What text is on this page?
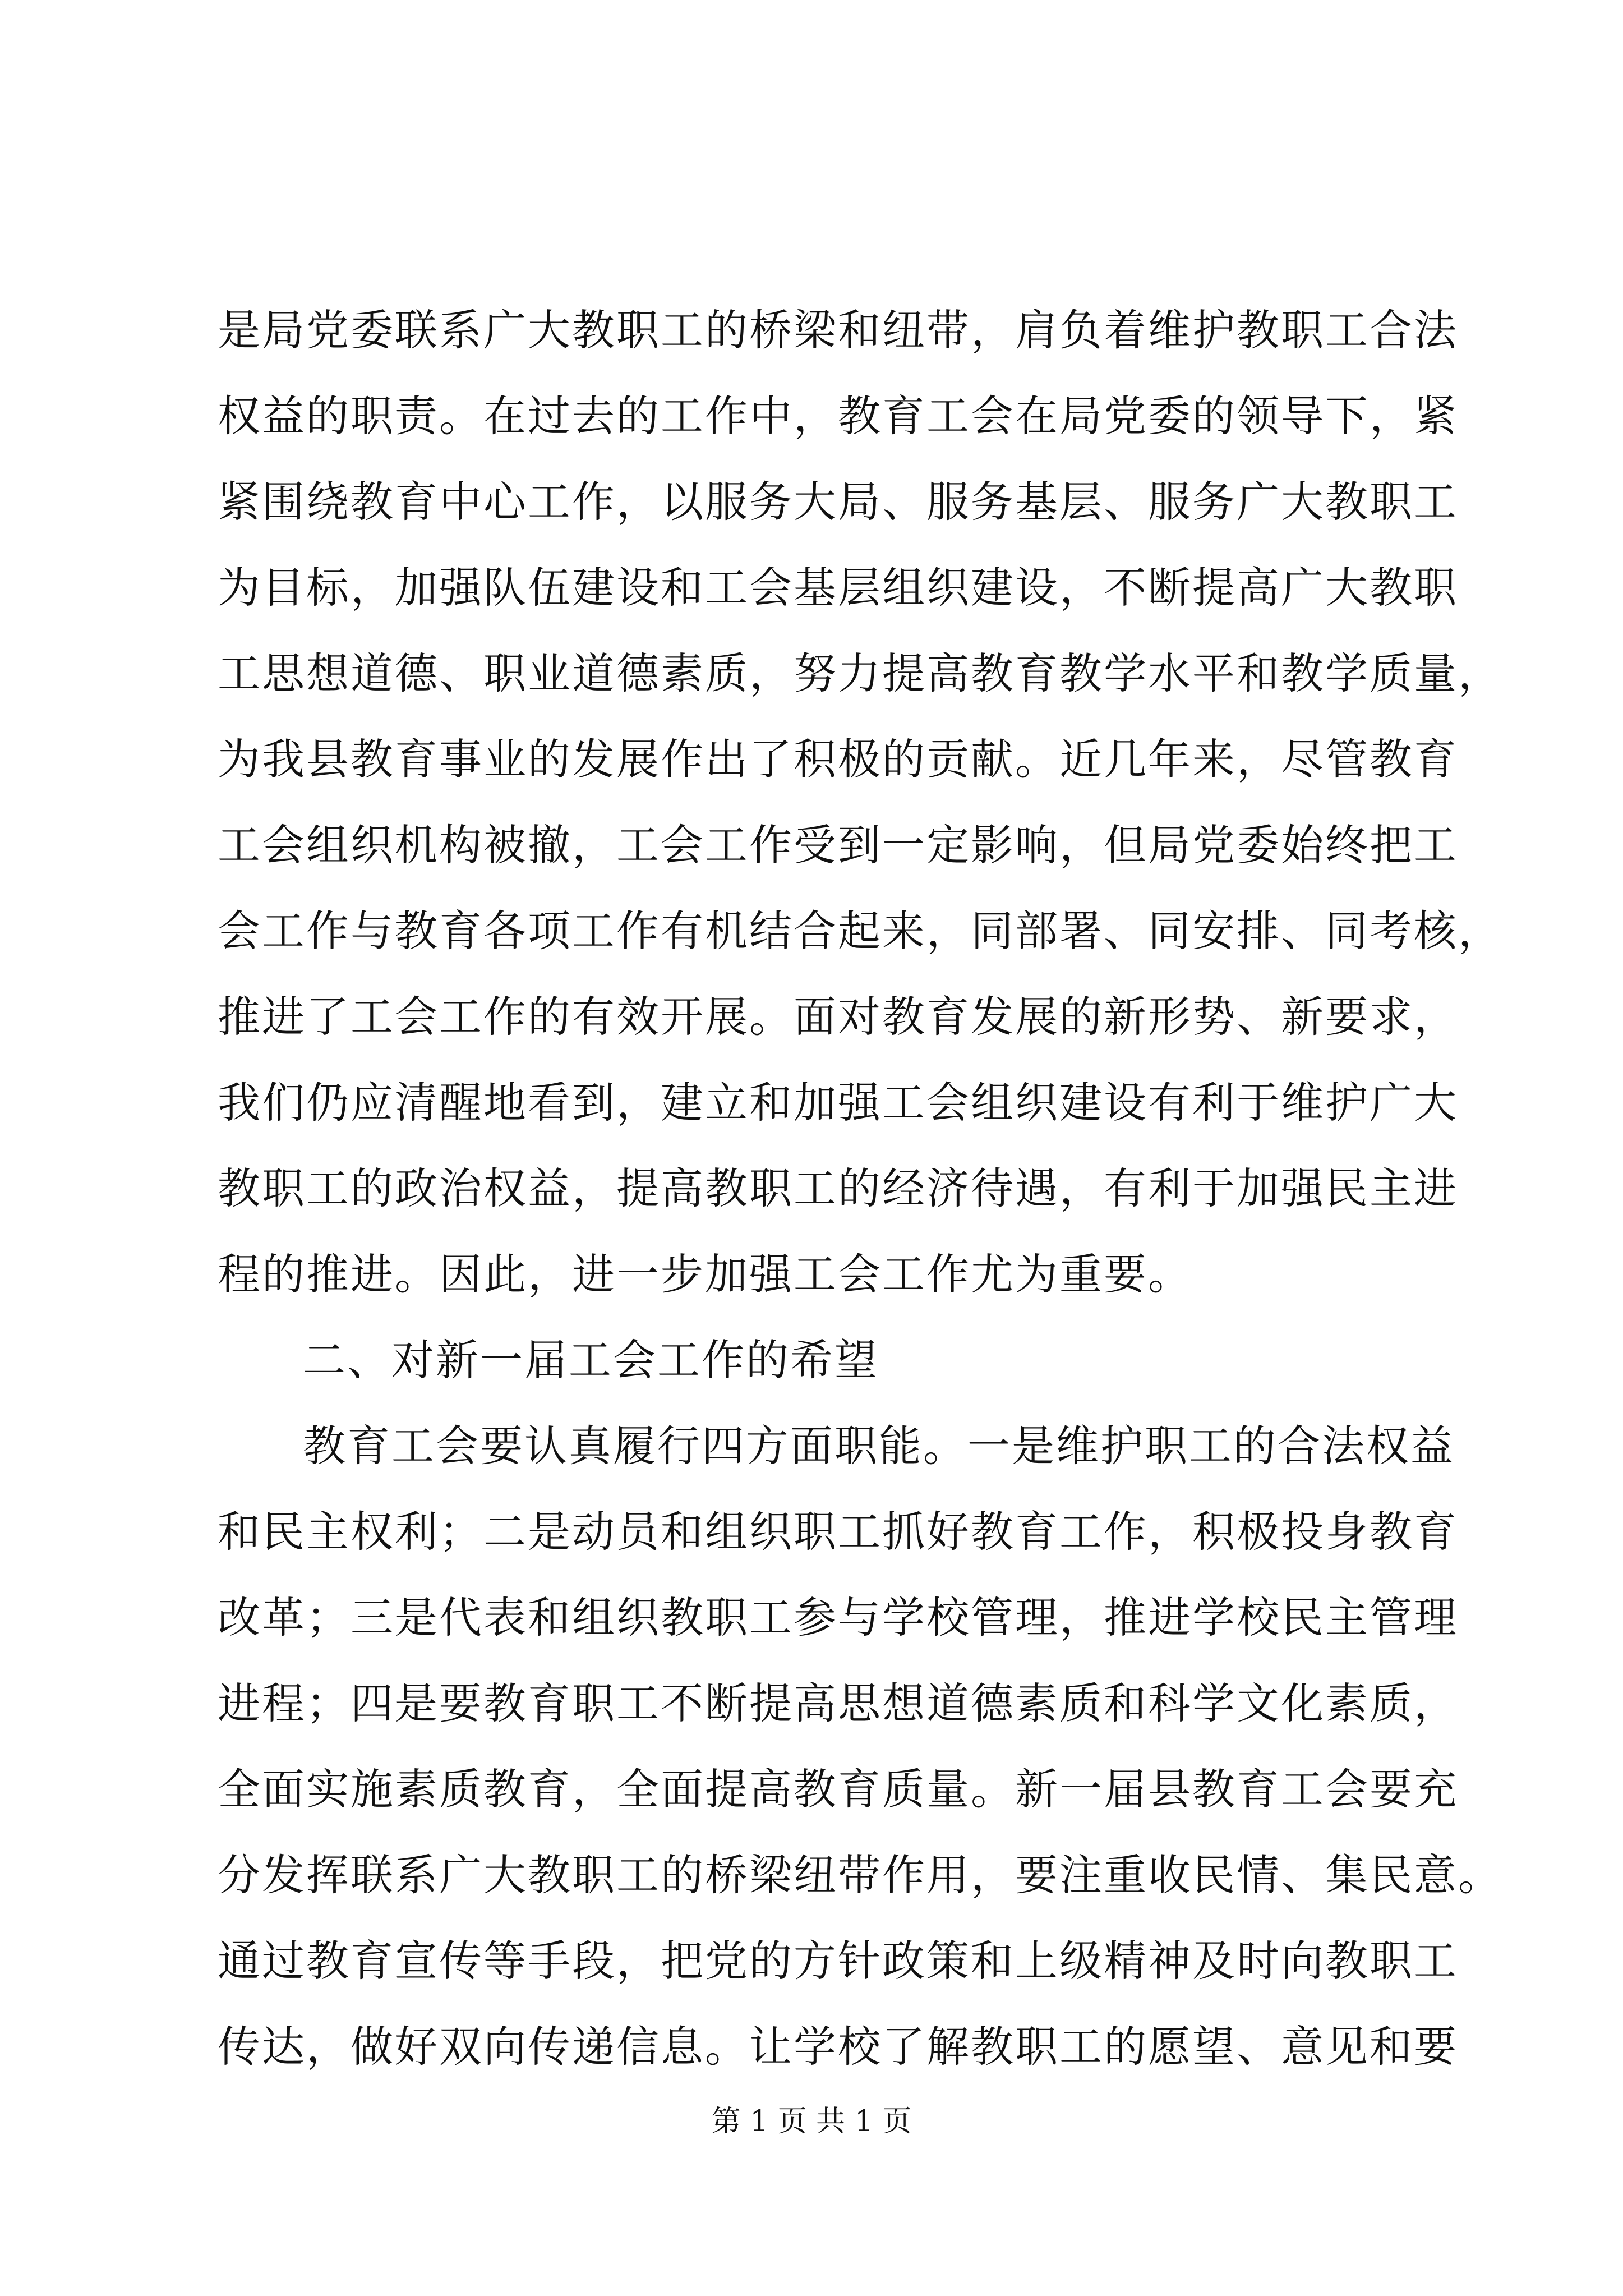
是局党委联系广大教职工的桥梁和纽带，肩负着维护教职工合法
权益的职责。在过去的工作中，教育工会在局党委的领导下，紧
紧围绕教育中心工作，以服务大局、服务基层、服务广大教职工
为目标，加强队伍建设和工会基层组织建设，不断提高广大教职
工思想道德、职业道德素质，努力提高教育教学水平和教学质量，
为我县教育事业的发展作出了积极的贡献。近几年来，尽管教育
工会组织机构被撤，工会工作受到一定影响，但局党委始终把工
会工作与教育各项工作有机结合起来，同部署、同安排、同考核，
推进了工会工作的有效开展。面对教育发展的新形势、新要求，
我们仍应清醒地看到，建立和加强工会组织建设有利于维护广大
教职工的政治权益，提高教职工的经济待遇，有利于加强民主进
程的推进。因此，进一步加强工会工作尤为重要。
二、对新一届工会工作的希望
教育工会要认真履行四方面职能。一是维护职工的合法权益
和民主权利；二是动员和组织职工抓好教育工作，积极投身教育
改革；三是代表和组织教职工参与学校管理，推进学校民主管理
进程；四是要教育职工不断提高思想道德素质和科学文化素质，
全面实施素质教育，全面提高教育质量。新一届县教育工会要充
分发挥联系广大教职工的桥梁纽带作用，要注重收民情、集民意。
通过教育宣传等手段，把党的方针政策和上级精神及时向教职工
传达，做好双向传递信息。让学校了解教职工的愿望、意见和要
第 1 页 共 1 页
